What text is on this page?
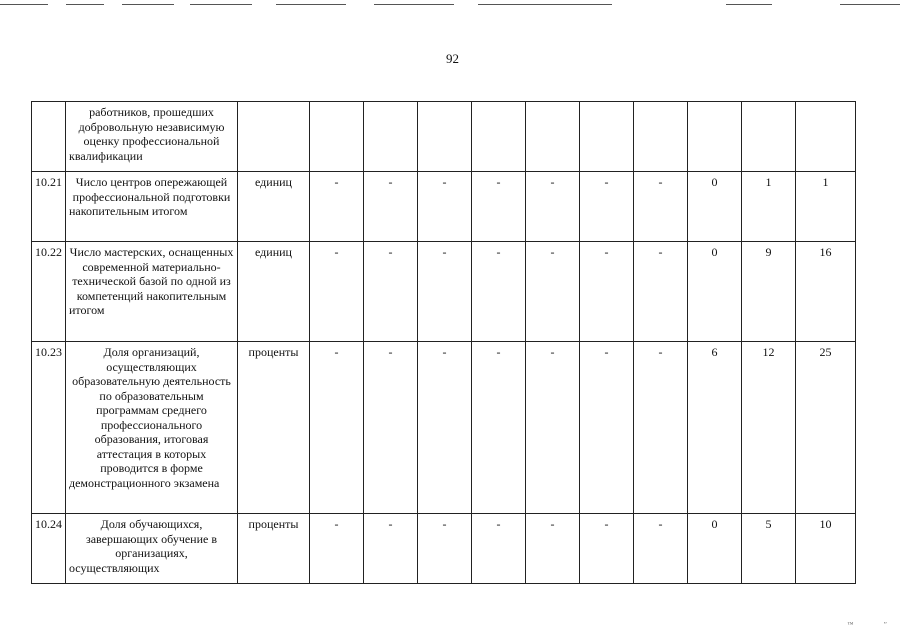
92
	работников, прошедших добровольную независимую оценку профессиональной квалификации											
10.21	Число центров опережающей профессиональной подготовки накопительным итогом	единиц	-	-	-	-	-	-	-	0	1	1
10.22	Число мастерских, оснащенных современной материально-технической базой по одной из компетенций накопительным итогом	единиц	-	-	-	-	-	-	-	0	9	16
10.23	Доля организаций, осуществляющих образовательную деятельность по образовательным программам среднего профессионального образования, итоговая аттестация в которых проводится в форме демонстрационного экзамена	проценты	-	-	-	-	-	-	-	6	12	25
10.24	Доля обучающихся, завершающих обучение в организациях, осуществляющих	проценты	-	-	-	-	-	-	-	0	5	10
™	’’
